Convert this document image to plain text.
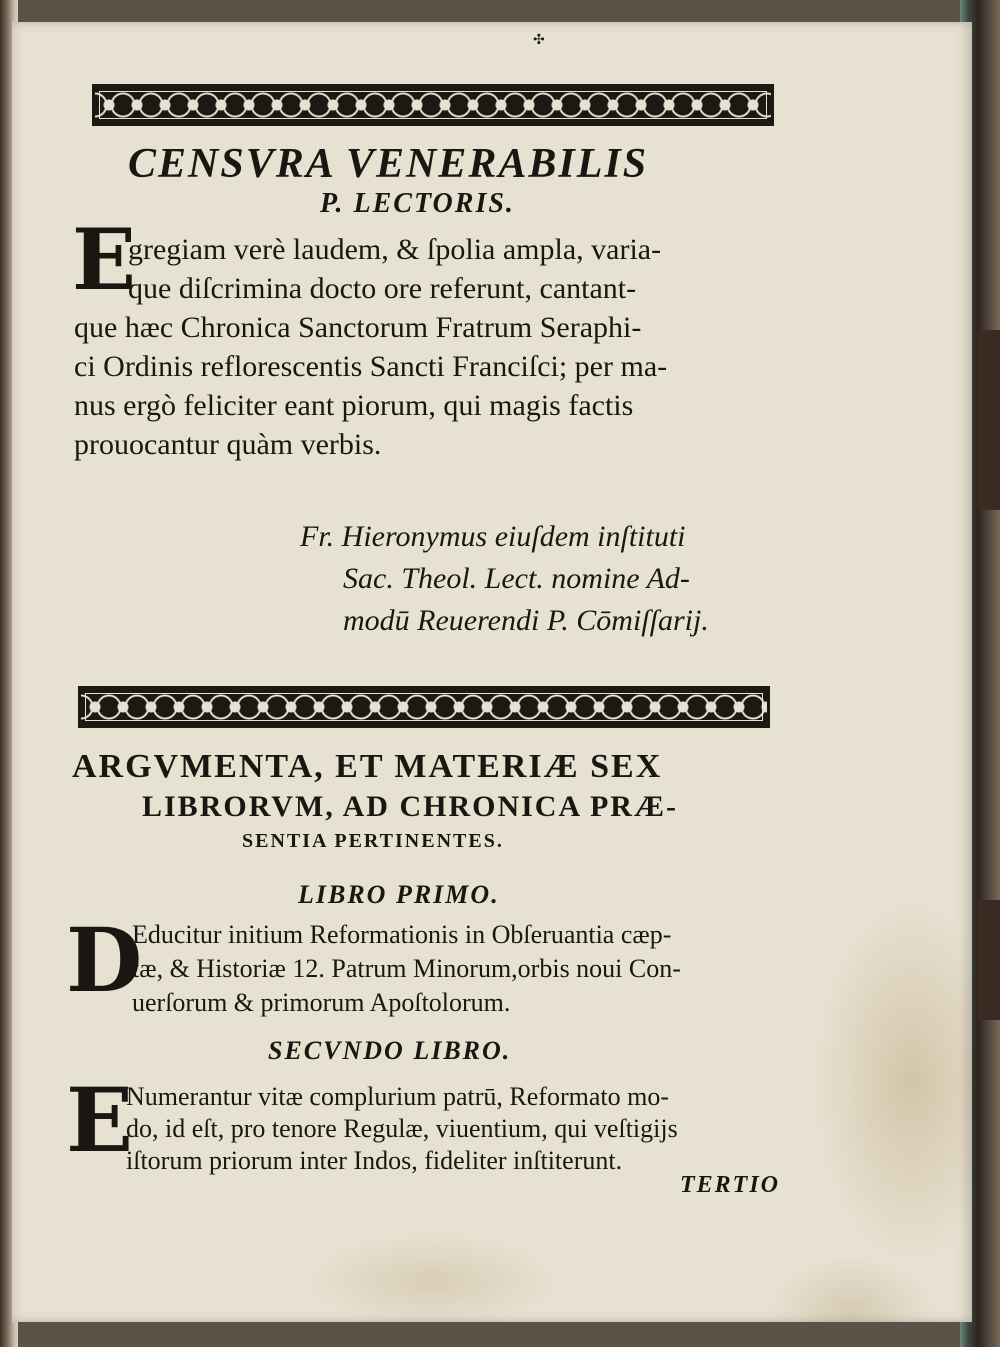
✣
CENSVRA VENERABILIS
P. LECTORIS.
E
gregiam verè laudem, & ſpolia ampla, varia-
que diſcrimina docto ore referunt, cantant-
que hæc Chronica Sanctorum Fratrum Seraphi-
ci Ordinis reflorescentis Sancti Franciſci; per ma-
nus ergò feliciter eant piorum, qui magis factis
prouocantur quàm verbis.
Fr. Hieronymus eiuſdem inſtituti
Sac. Theol. Lect. nomine Ad-
modū Reuerendi P. Cōmiſſarij.
ARGVMENTA, ET MATERIÆ SEX
LIBRORVM, AD CHRONICA PRÆ-
SENTIA PERTINENTES.
LIBRO PRIMO.
D
Educitur initium Reformationis in Obſeruantia cæp-
tæ, & Historiæ 12. Patrum Minorum,orbis noui Con-
uerſorum & primorum Apoſtolorum.
SECVNDO LIBRO.
E
Numerantur vitæ complurium patrū, Reformato mo-
do, id eſt, pro tenore Regulæ, viuentium, qui veſtigijs
iſtorum priorum inter Indos, fideliter inſtiterunt.
TERTIO
